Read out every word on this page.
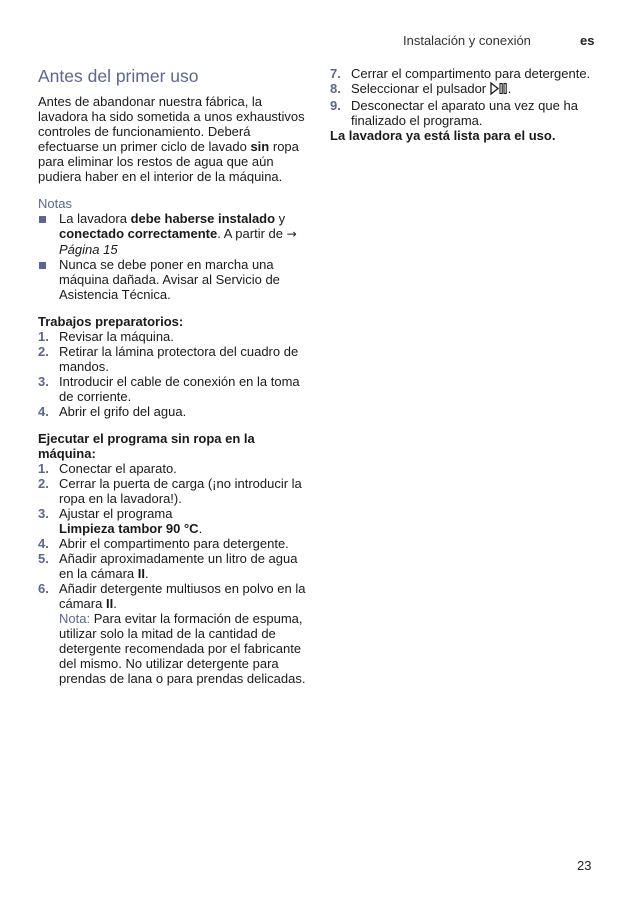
Instalación y conexión	es
Antes del primer uso

Antes de abandonar nuestra fábrica, la lavadora ha sido sometida a unos exhaustivos controles de funcionamiento. Deberá efectuarse un primer ciclo de lavado sin ropa para eliminar los restos de agua que aún pudiera haber en el interior de la máquina.

Notas
La lavadora debe haberse instalado y conectado correctamente. A partir de → Página 15
Nunca se debe poner en marcha una máquina dañada. Avisar al Servicio de Asistencia Técnica.
Trabajos preparatorios:
1. Revisar la máquina.
2. Retirar la lámina protectora del cuadro de mandos.
3. Introducir el cable de conexión en la toma de corriente.
4. Abrir el grifo del agua.
Ejecutar el programa sin ropa en la máquina:
1. Conectar el aparato.
2. Cerrar la puerta de carga (¡no introducir la ropa en la lavadora!).
3. Ajustar el programa
Limpieza tambor 90 °C.
4. Abrir el compartimento para detergente.
5. Añadir aproximadamente un litro de agua en la cámara II.
6. Añadir detergente multiusos en polvo en la cámara II.
Nota: Para evitar la formación de espuma, utilizar solo la mitad de la cantidad de detergente recomendada por el fabricante del mismo. No utilizar detergente para prendas de lana o para prendas delicadas.
7. Cerrar el compartimento para detergente.
8. Seleccionar el pulsador .
9. Desconectar el aparato una vez que ha finalizado el programa.
La lavadora ya está lista para el uso.
23
